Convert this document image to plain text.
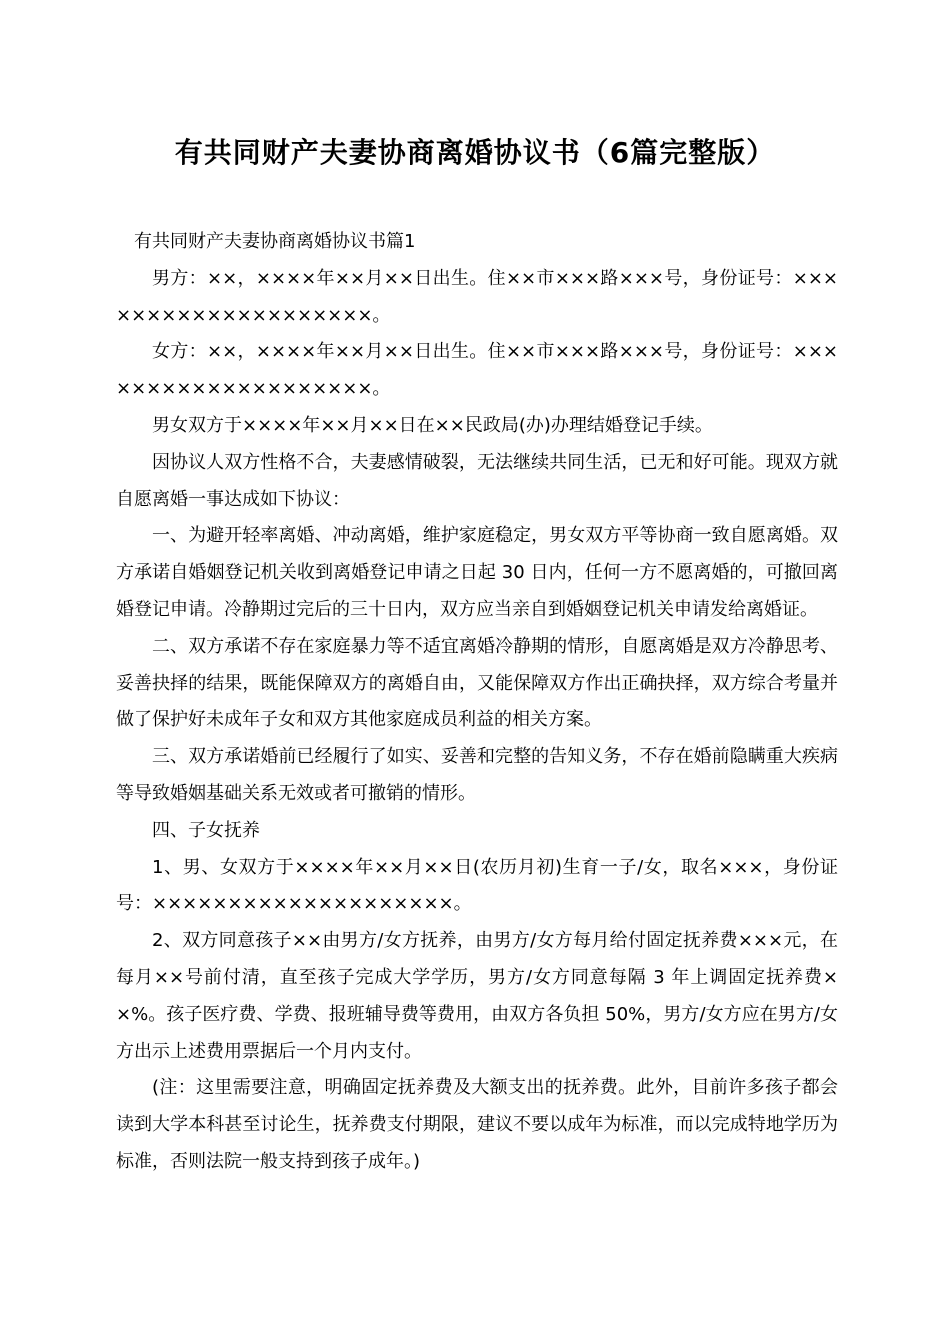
有共同财产夫妻协商离婚协议书（6篇完整版）

有共同财产夫妻协商离婚协议书篇1

男方：××，××××年××月××日出生。住××市×××路×××号，身份证号：××××××××××××××××××××。

女方：××，××××年××月××日出生。住××市×××路×××号，身份证号：××××××××××××××××××××。

男女双方于××××年××月××日在××民政局(办)办理结婚登记手续。

因协议人双方性格不合，夫妻感情破裂，无法继续共同生活，已无和好可能。现双方就自愿离婚一事达成如下协议：

一、为避开轻率离婚、冲动离婚，维护家庭稳定，男女双方平等协商一致自愿离婚。双方承诺自婚姻登记机关收到离婚登记申请之日起 30 日内，任何一方不愿离婚的，可撤回离婚登记申请。冷静期过完后的三十日内，双方应当亲自到婚姻登记机关申请发给离婚证。

二、双方承诺不存在家庭暴力等不适宜离婚冷静期的情形，自愿离婚是双方冷静思考、妥善抉择的结果，既能保障双方的离婚自由，又能保障双方作出正确抉择，双方综合考量并做了保护好未成年子女和双方其他家庭成员利益的相关方案。

三、双方承诺婚前已经履行了如实、妥善和完整的告知义务，不存在婚前隐瞒重大疾病等导致婚姻基础关系无效或者可撤销的情形。

四、子女抚养

1、男、女双方于××××年××月××日(农历月初)生育一子/女，取名×××，身份证号：××××××××××××××××××××。

2、双方同意孩子××由男方/女方抚养，由男方/女方每月给付固定抚养费×××元，在每月××号前付清，直至孩子完成大学学历，男方/女方同意每隔 3 年上调固定抚养费××%。孩子医疗费、学费、报班辅导费等费用，由双方各负担 50%，男方/女方应在男方/女方出示上述费用票据后一个月内支付。

(注：这里需要注意，明确固定抚养费及大额支出的抚养费。此外，目前许多孩子都会读到大学本科甚至讨论生，抚养费支付期限，建议不要以成年为标准，而以完成特地学历为标准，否则法院一般支持到孩子成年。)
